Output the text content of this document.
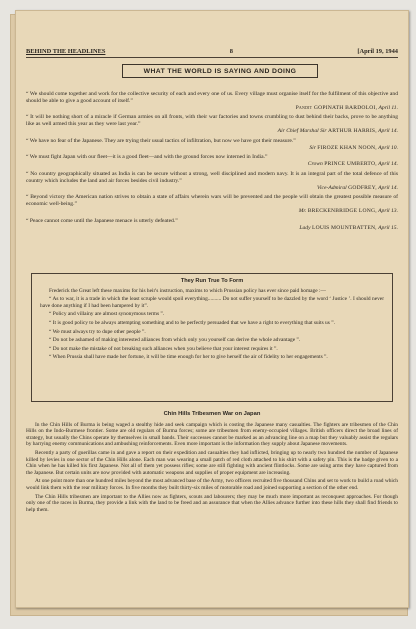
BEHIND THE HEADLINES	8	[April 19, 1944
WHAT THE WORLD IS SAYING AND DOING
“ We should come together and work for the collective security of each and every one of us. Every village must organise itself for the fulfilment of this objective and should be able to give a good account of itself.”
Pandit GOPINATH BARDOLOI, April 11.
“ It will be nothing short of a miracle if German armies on all fronts, with their war factories and towns crumbling to dust behind their backs, prove to be anything like as well armed this year as they were last year.”
Air Chief Marshal Sir ARTHUR HARRIS, April 14.
“ We have no fear of the Japanese. They are trying their usual tactics of infiltration, but now we have got their measure.”
Sir FIROZE KHAN NOON, April 10.
“ We must fight Japan with our fleet—it is a good fleet—and with the ground forces now interned in India.”
Crown PRINCE UMBERTO, April 14.
“ No country geographically situated as India is can be secure without a strong, well disciplined and modern navy. It is an integral part of the total defence of this country which includes the land and air forces besides civil industry.”
Vice-Admiral GODFREY, April 14.
“ Beyond victory the American nation strives to obtain a state of affairs wherein wars will be prevented and the people will obtain the greatest possible measure of economic well-being.”
Mr. BRECKENBRIDGE LONG, April 13.
“ Peace cannot come until the Japanese menace is utterly defeated.”
Lady LOUIS MOUNTBATTEN, April 15.
They Run True To Form

Frederick the Great left these maxims for his heir's instruction, maxims to which Prussian policy has ever since paid homage :—

“ As to war, it is a trade in which the least scruple would spoil everything.......... Do not suffer yourself to be dazzled by the word ‘ Justice ’. I should never have done anything if I had been hampered by it”.

“ Policy and villainy are almost synonymous terms ”.

“ It is good policy to be always attempting something and to be perfectly persuaded that we have a right to everything that suits us ”.

“ We must always try to dupe other people ”.

“ Do not be ashamed of making interested alliances from which only you yourself can derive the whole advantage ”.

“ Do not make the mistake of not breaking such alliances when you believe that your interest requires it ”.

“ When Prussia shall have made her fortune, it will be time enough for her to give herself the air of fidelity to her engagements ”.

Chin Hills Tribesmen War on Japan

In the Chin Hills of Burma is being waged a stealthy hide and seek campaign which is costing the Japanese many casualties. The fighters are tribesmen of the Chin Hills on the Indo-Burmese frontier. Some are old regulars of Burma forces; some are tribesmen from enemy-occupied villages. British officers direct the broad lines of strategy, but usually the Chins operate by themselves in small bands. Their successes cannot be marked as an advancing line on a map but they valuably assist the regulars by harrying enemy communications and ambushing reinforcements. Even more important is the information they supply about Japanese movements.

Recently a party of guerillas came in and gave a report on their expedition and casualties they had inflicted, bringing up to nearly two hundred the number of Japanese killed by levies in one sector of the Chin Hills alone. Each man was wearing a small patch of red cloth attached to his shirt with a safety pin. This is the badge given to a Chin when he has killed his first Japanese. Not all of them yet possess rifles; some are still fighting with ancient flintlocks. Some are using arms they have captured from the Japanese. But certain units are now provided with automatic weapons and supplies of proper equipment are increasing.

At one point more than one hundred miles beyond the most advanced base of the Army, two officers recruited five thousand Chins and set to work to build a road which would link them with the rear military forces. In five months they built thirty-six miles of motorable road and joined supporting a section of the other end.

The Chin Hills tribesmen are important to the Allies now as fighters, scouts and labourers; they may be much more important as reconquest approaches. For though only one of the races in Burma, they provide a link with the land to be freed and an assurance that when the Allies advance further into these hills they shall find friends to help them.
